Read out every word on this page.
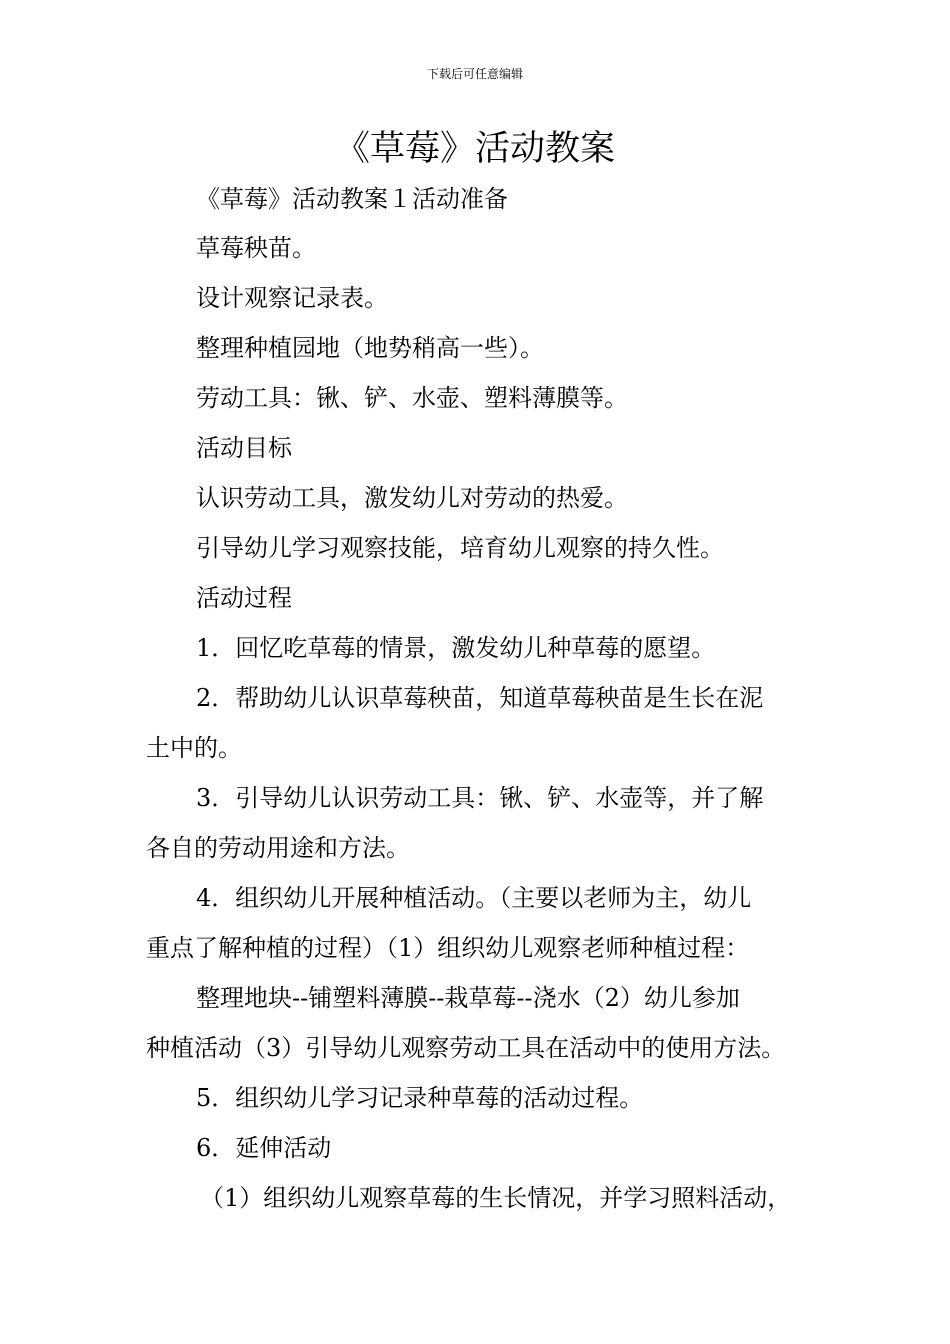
下载后可任意编辑
《草莓》活动教案
《草莓》活动教案１活动准备
草莓秧苗。
设计观察记录表。
整理种植园地（地势稍高一些）。
劳动工具：锹、铲、水壶、塑料薄膜等。
活动目标
认识劳动工具，激发幼儿对劳动的热爱。
引导幼儿学习观察技能，培育幼儿观察的持久性。
活动过程
1．回忆吃草莓的情景，激发幼儿种草莓的愿望。
2．帮助幼儿认识草莓秧苗，知道草莓秧苗是生长在泥
土中的。
3．引导幼儿认识劳动工具：锹、铲、水壶等，并了解
各自的劳动用途和方法。
4．组织幼儿开展种植活动。（主要以老师为主，幼儿
重点了解种植的过程）（1）组织幼儿观察老师种植过程：
整理地块--铺塑料薄膜--栽草莓--浇水（2）幼儿参加
种植活动（3）引导幼儿观察劳动工具在活动中的使用方法。
5．组织幼儿学习记录种草莓的活动过程。
6．延伸活动
（1）组织幼儿观察草莓的生长情况，并学习照料活动，
